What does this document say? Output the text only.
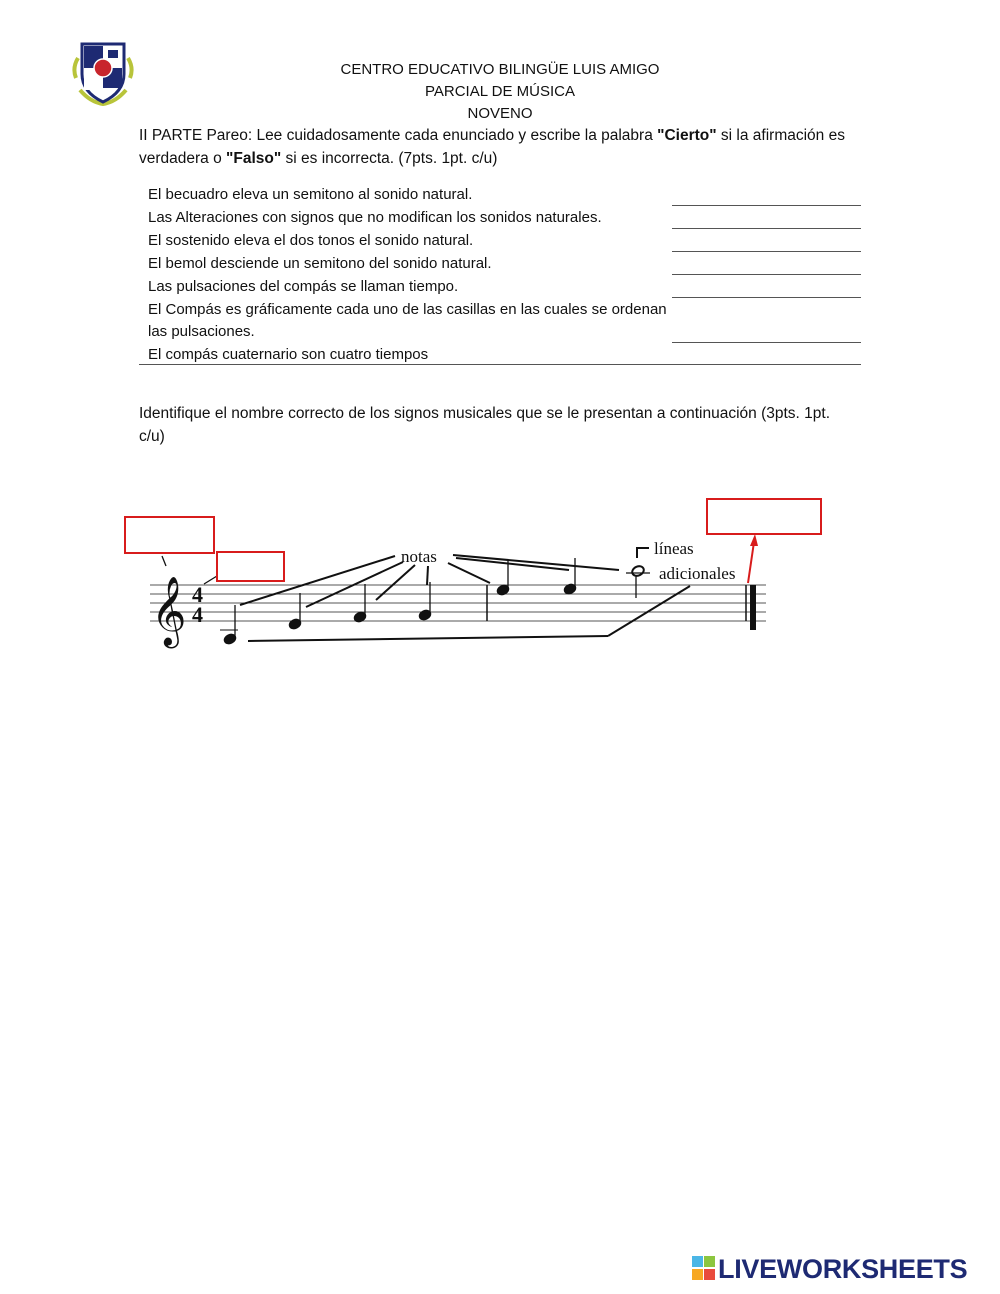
CENTRO EDUCATIVO BILINGÜE LUIS AMIGO
PARCIAL DE MÚSICA
NOVENO
II PARTE Pareo: Lee cuidadosamente cada enunciado y escribe la palabra "Cierto" si la afirmación es verdadera o "Falso" si es incorrecta. (7pts. 1pt. c/u)
El becuadro eleva un semitono al sonido natural.
Las Alteraciones con signos que no modifican los sonidos naturales.
El sostenido eleva el dos tonos el sonido natural.
El bemol desciende un semitono del sonido natural.
Las pulsaciones del compás se llaman tiempo.
El Compás es gráficamente cada uno de las casillas en las cuales se ordenan las pulsaciones.
El compás cuaternario son cuatro tiempos
Identifique el nombre correcto de los signos musicales que se le presentan a continuación (3pts. 1pt. c/u)
𝄞 4
4
notas	líneas
adicionales
LIVEWORKSHEETS
